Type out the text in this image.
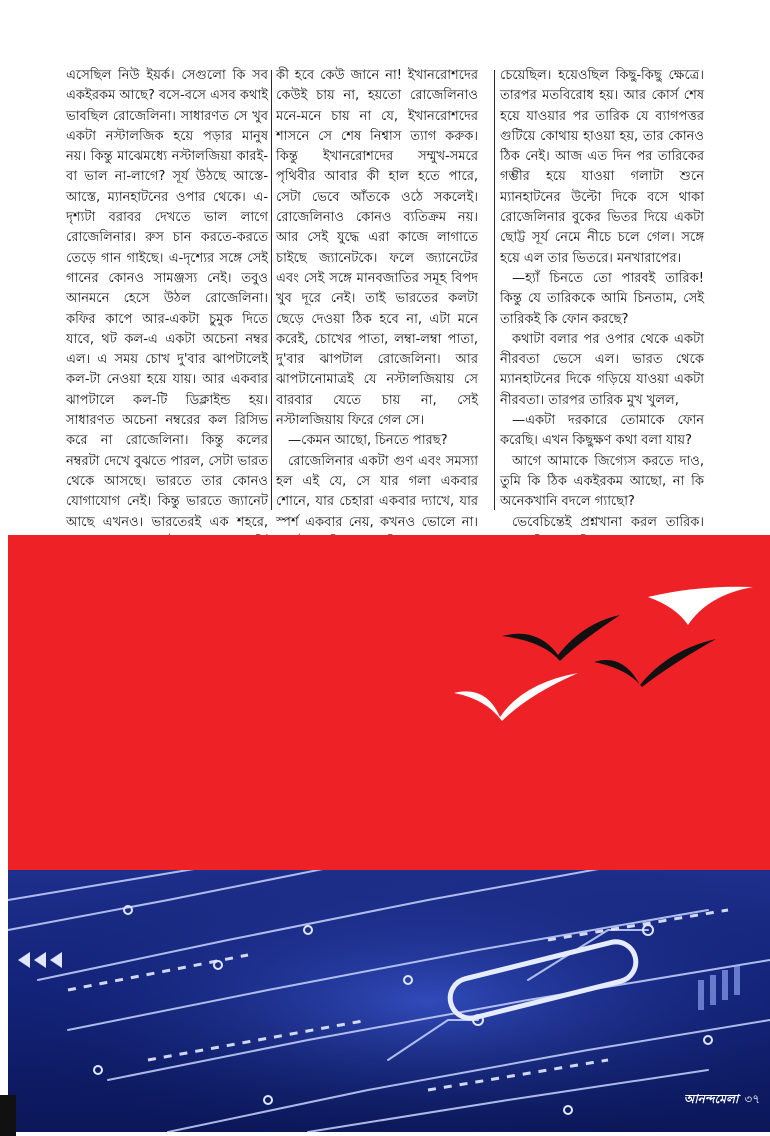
এসেছিল নিউ ইয়র্ক। সেগুলো কি সব একইরকম আছে? বসে-বসে এসব কথাই ভাবছিল রোজেলিনা। সাধারণত সে খুব একটা নস্টালজিক হয়ে পড়ার মানুষ নয়। কিন্তু মাঝেমধ্যে নস্টালজিয়া কারই-বা ভাল না-লাগে? সূর্য উঠছে আস্তে-আস্তে, ম্যানহাটনের ওপার থেকে। এ-দৃশ্যটা বরাবর দেখতে ভাল লাগে রোজেলিনার। রুস চান করতে-করতে তেড়ে গান গাইছে। এ-দৃশ্যের সঙ্গে সেই গানের কোনও সামঞ্জস্য নেই। তবুও আনমনে হেসে উঠল রোজেলিনা। কফির কাপে আর-একটা চুমুক দিতে যাবে, থট কল-এ একটা অচেনা নম্বর এল। এ সময় চোখ দু'বার ঝাপটালেই কল-টা নেওয়া হয়ে যায়। আর একবার ঝাপটালে কল-টি ডিক্লাইন্ড হয়। সাধারণত অচেনা নম্বরের কল রিসিভ করে না রোজেলিনা। কিন্তু কলের নম্বরটা দেখে বুঝতে পারল, সেটা ভারত থেকে আসছে। ভারতে তার কোনও যোগাযোগ নেই। কিন্তু ভারতে জ্যানেট আছে এখনও। ভারতেরই এক শহরে,

কী হবে কেউ জানে না! ইখানরোশদের কেউই চায় না, হয়তো রোজেলিনাও মনে-মনে চায় না যে, ইখানরোশদের শাসনে সে শেষ নিশ্বাস ত্যাগ করুক। কিন্তু ইখানরোশদের সম্মুখ-সমরে পৃথিবীর আবার কী হাল হতে পারে, সেটা ভেবে আঁতকে ওঠে সকলেই। রোজেলিনাও কোনও ব্যতিক্রম নয়। আর সেই যুদ্ধে এরা কাজে লাগাতে চাইছে জ্যানেটকে। ফলে জ্যানেটের এবং সেই সঙ্গে মানবজাতির সমূহ বিপদ খুব দূরে নেই। তাই ভারতের কলটা ছেড়ে দেওয়া ঠিক হবে না, এটা মনে করেই, চোখের পাতা, লম্বা-লম্বা পাতা, দু'বার ঝাপটাল রোজেলিনা। আর ঝাপটানোমাত্রই যে নস্টালজিয়ায় সে বারবার যেতে চায় না, সেই নস্টালজিয়ায় ফিরে গেল সে।

—কেমন আছো, চিনতে পারছ?

রোজেলিনার একটা গুণ এবং সমস্যা হল এই যে, সে যার গলা একবার শোনে, যার চেহারা একবার দ্যাখে, যার স্পর্শ একবার নেয়, কখনও ভোলে না।

চেয়েছিল। হয়েওছিল কিছু-কিছু ক্ষেত্রে। তারপর মতবিরোধ হয়। আর কোর্স শেষ হয়ে যাওয়ার পর তারিক যে ব্যাগপত্তর গুটিয়ে কোথায় হাওয়া হয়, তার কোনও ঠিক নেই। আজ এত দিন পর তারিকের গম্ভীর হয়ে যাওয়া গলাটা শুনে ম্যানহাটনের উল্টো দিকে বসে থাকা রোজেলিনার বুকের ভিতর দিয়ে একটা ছোট্ট সূর্য নেমে নীচে চলে গেল। সঙ্গে হয়ে এল তার ভিতরে। মনখারাপের।

—হ্যাঁ চিনতে তো পারবই তারিক! কিন্তু যে তারিককে আমি চিনতাম, সেই তারিকই কি ফোন করছে?

কথাটা বলার পর ওপার থেকে একটা নীরবতা ভেসে এল। ভারত থেকে ম্যানহাটনের দিকে গড়িয়ে যাওয়া একটা নীরবতা। তারপর তারিক মুখ খুলল,

—একটা দরকারে তোমাকে ফোন করেছি। এখন কিছুক্ষণ কথা বলা যায়?

আগে আমাকে জিগ্যেস করতে দাও, তুমি কি ঠিক একইরকম আছো, না কি অনেকখানি বদলে গ্যাছো?

ভেবেচিন্তেই প্রশ্নখানা করল তারিক।

আনন্দমেলা ৩৭
